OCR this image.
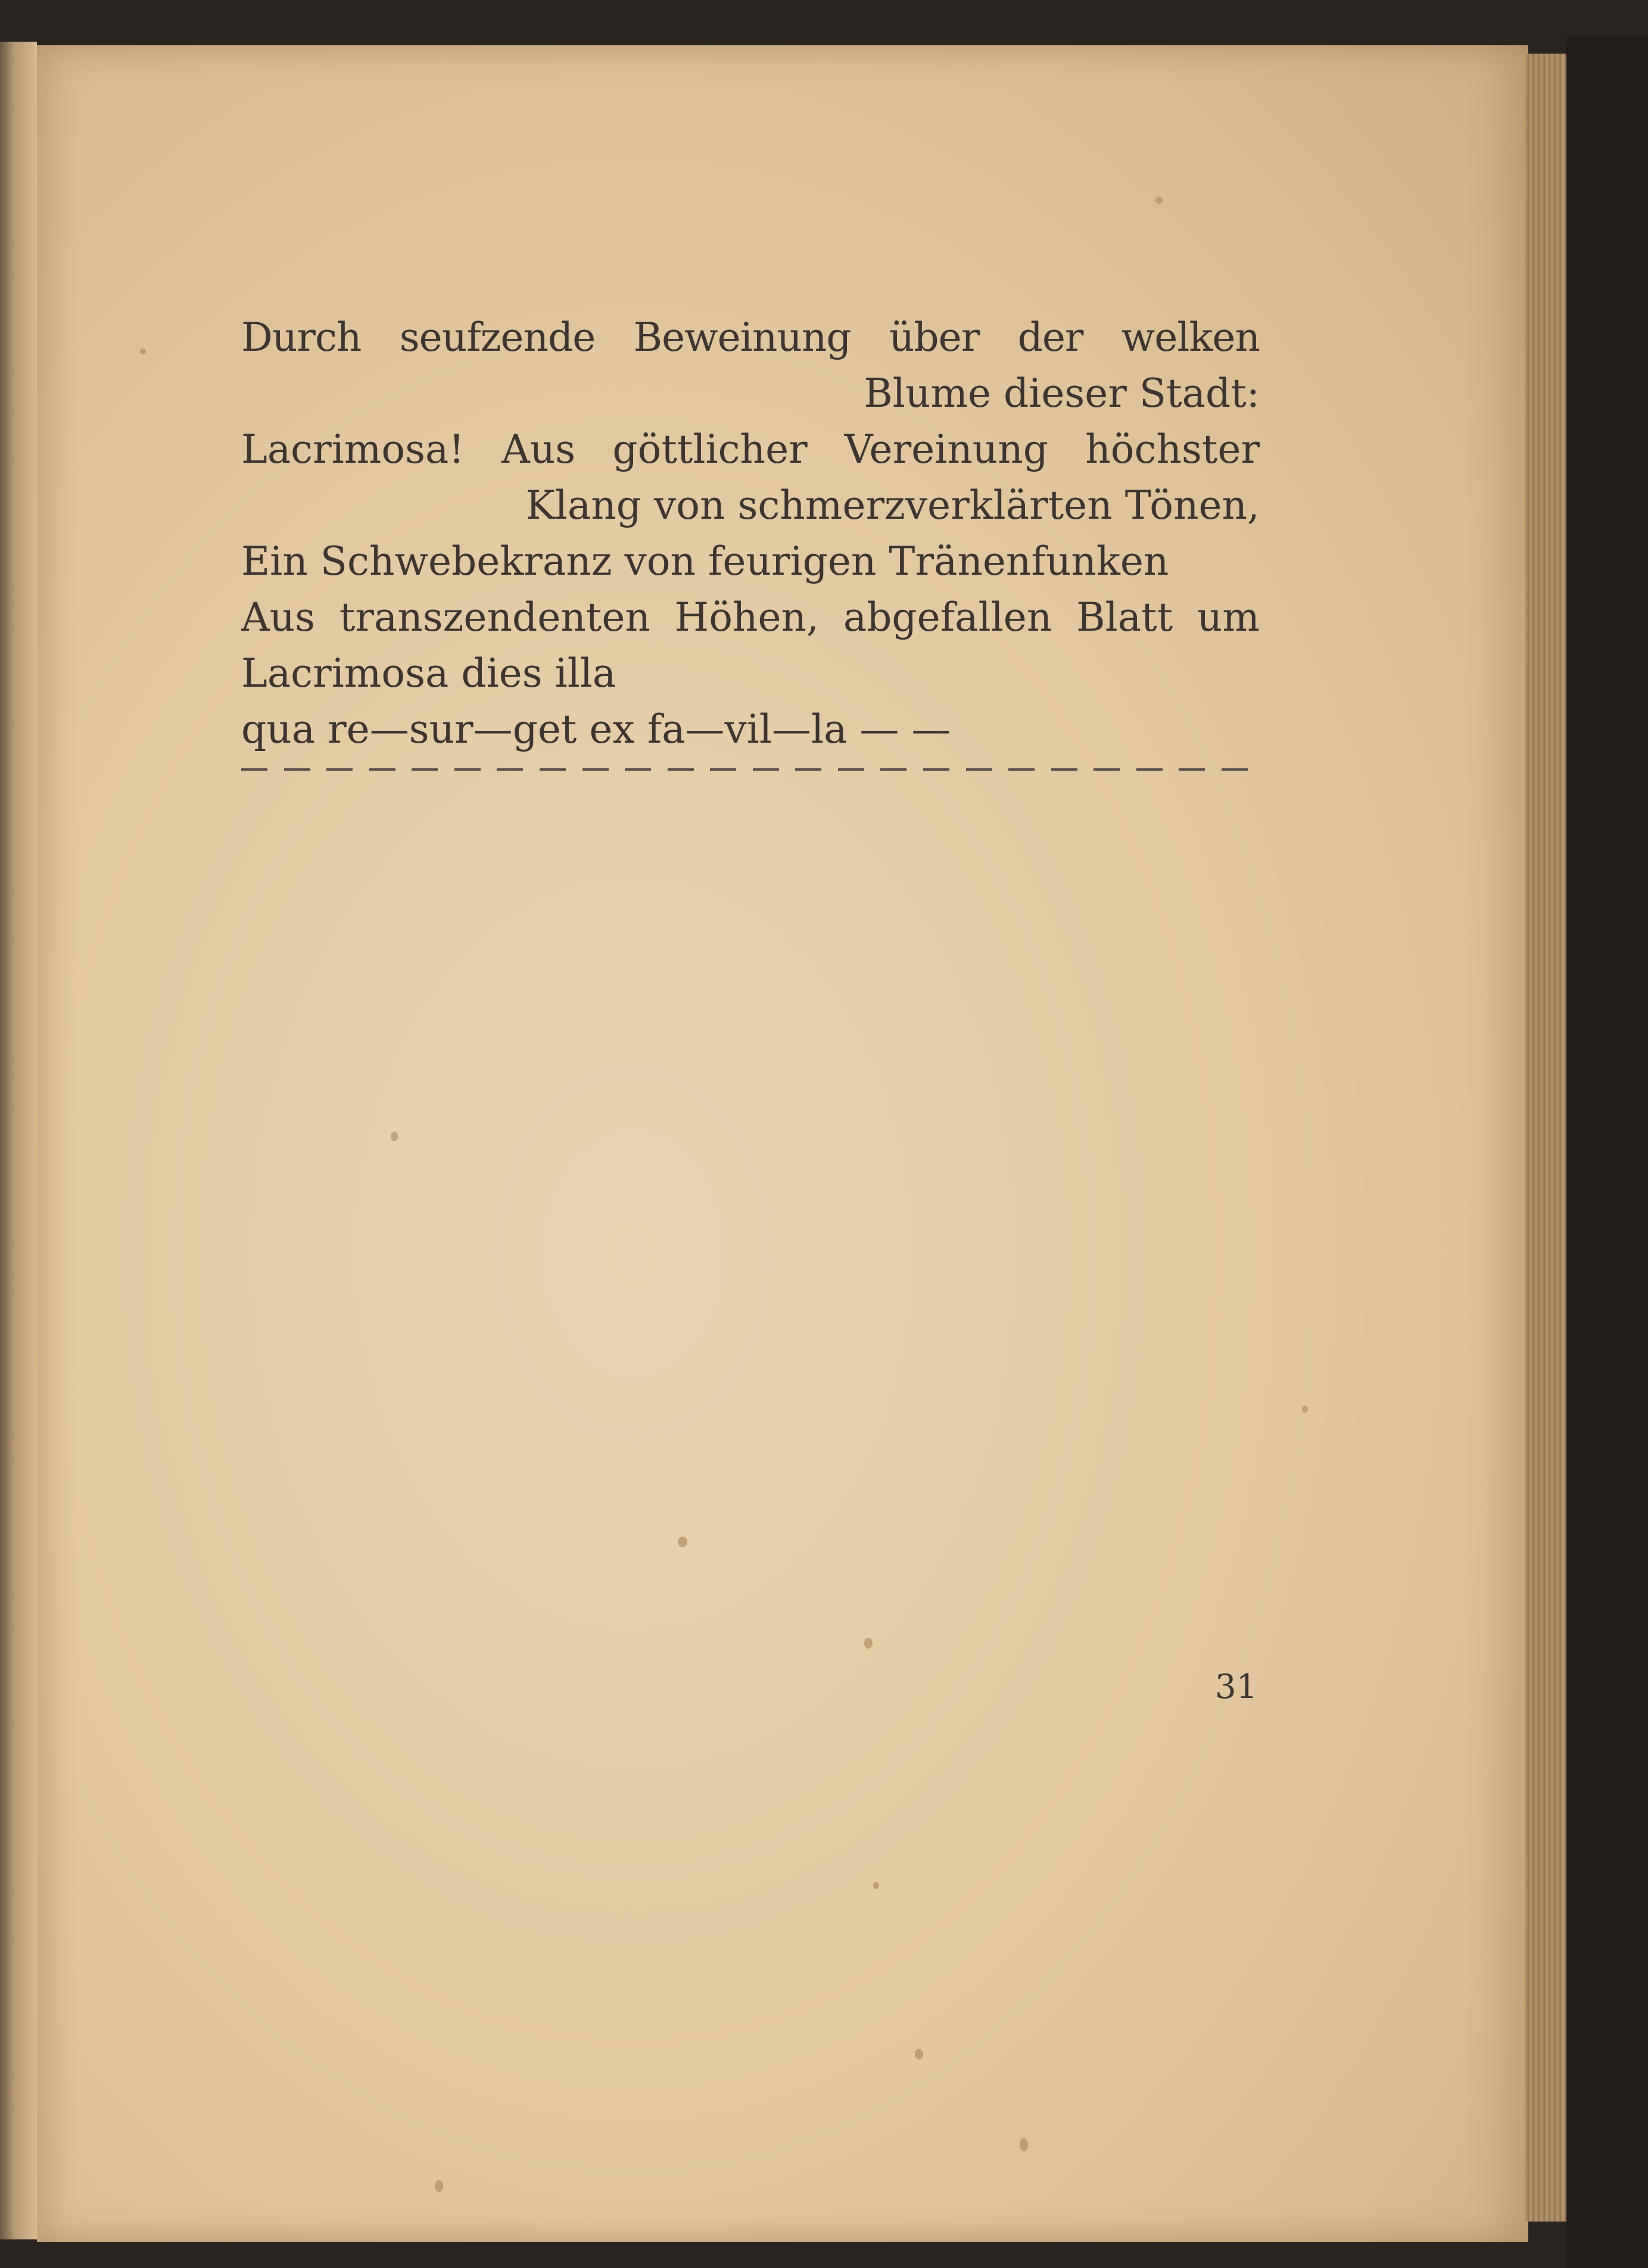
Durch seufzende Beweinung über der welken
Blume dieser Stadt:
Lacrimosa! Aus göttlicher Vereinung höchster
Klang von schmerzverklärten Tönen,
Ein Schwebekranz von feurigen Tränenfunken
Aus transzendenten Höhen, abgefallen Blatt um
Lacrimosa dies illa
qua re—sur—get ex fa—vil—la — —
31
